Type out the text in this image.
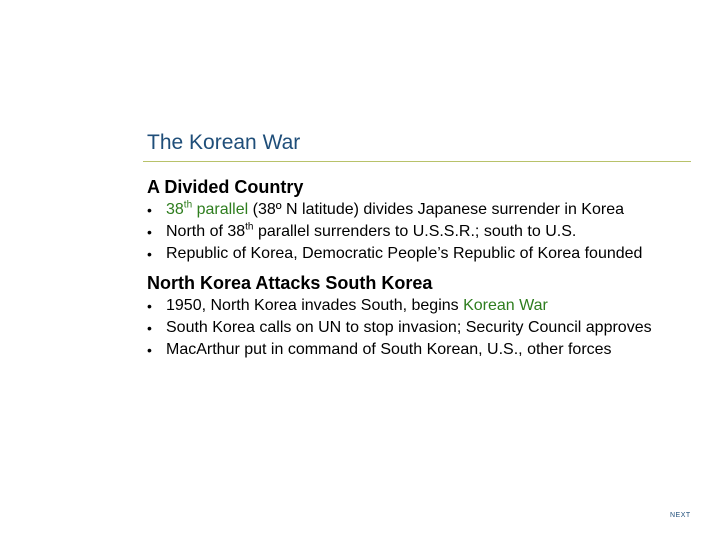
The Korean War
A Divided Country
• 38th parallel (38º N latitude) divides Japanese surrender in Korea
• North of 38th parallel surrenders to U.S.S.R.; south to U.S.
• Republic of Korea, Democratic People’s Republic of Korea founded
North Korea Attacks South Korea
• 1950, North Korea invades South, begins Korean War
• South Korea calls on UN to stop invasion; Security Council approves
• MacArthur put in command of South Korean, U.S., other forces
NEXT
